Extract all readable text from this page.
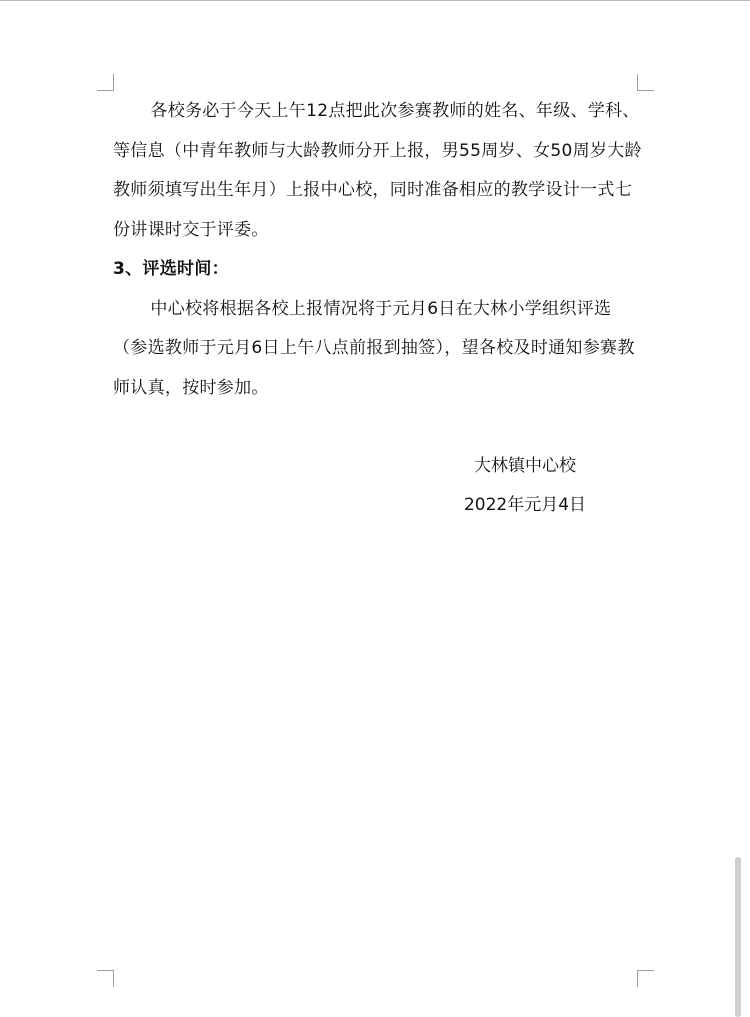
各校务必于今天上午12点把此次参赛教师的姓名、年级、学科、等信息（中青年教师与大龄教师分开上报，男55周岁、女50周岁大龄教师须填写出生年月）上报中心校，同时准备相应的教学设计一式七份讲课时交于评委。

3、评选时间：

中心校将根据各校上报情况将于元月6日在大林小学组织评选（参选教师于元月6日上午八点前报到抽签），望各校及时通知参赛教师认真，按时参加。

大林镇中心校
2022年元月4日
